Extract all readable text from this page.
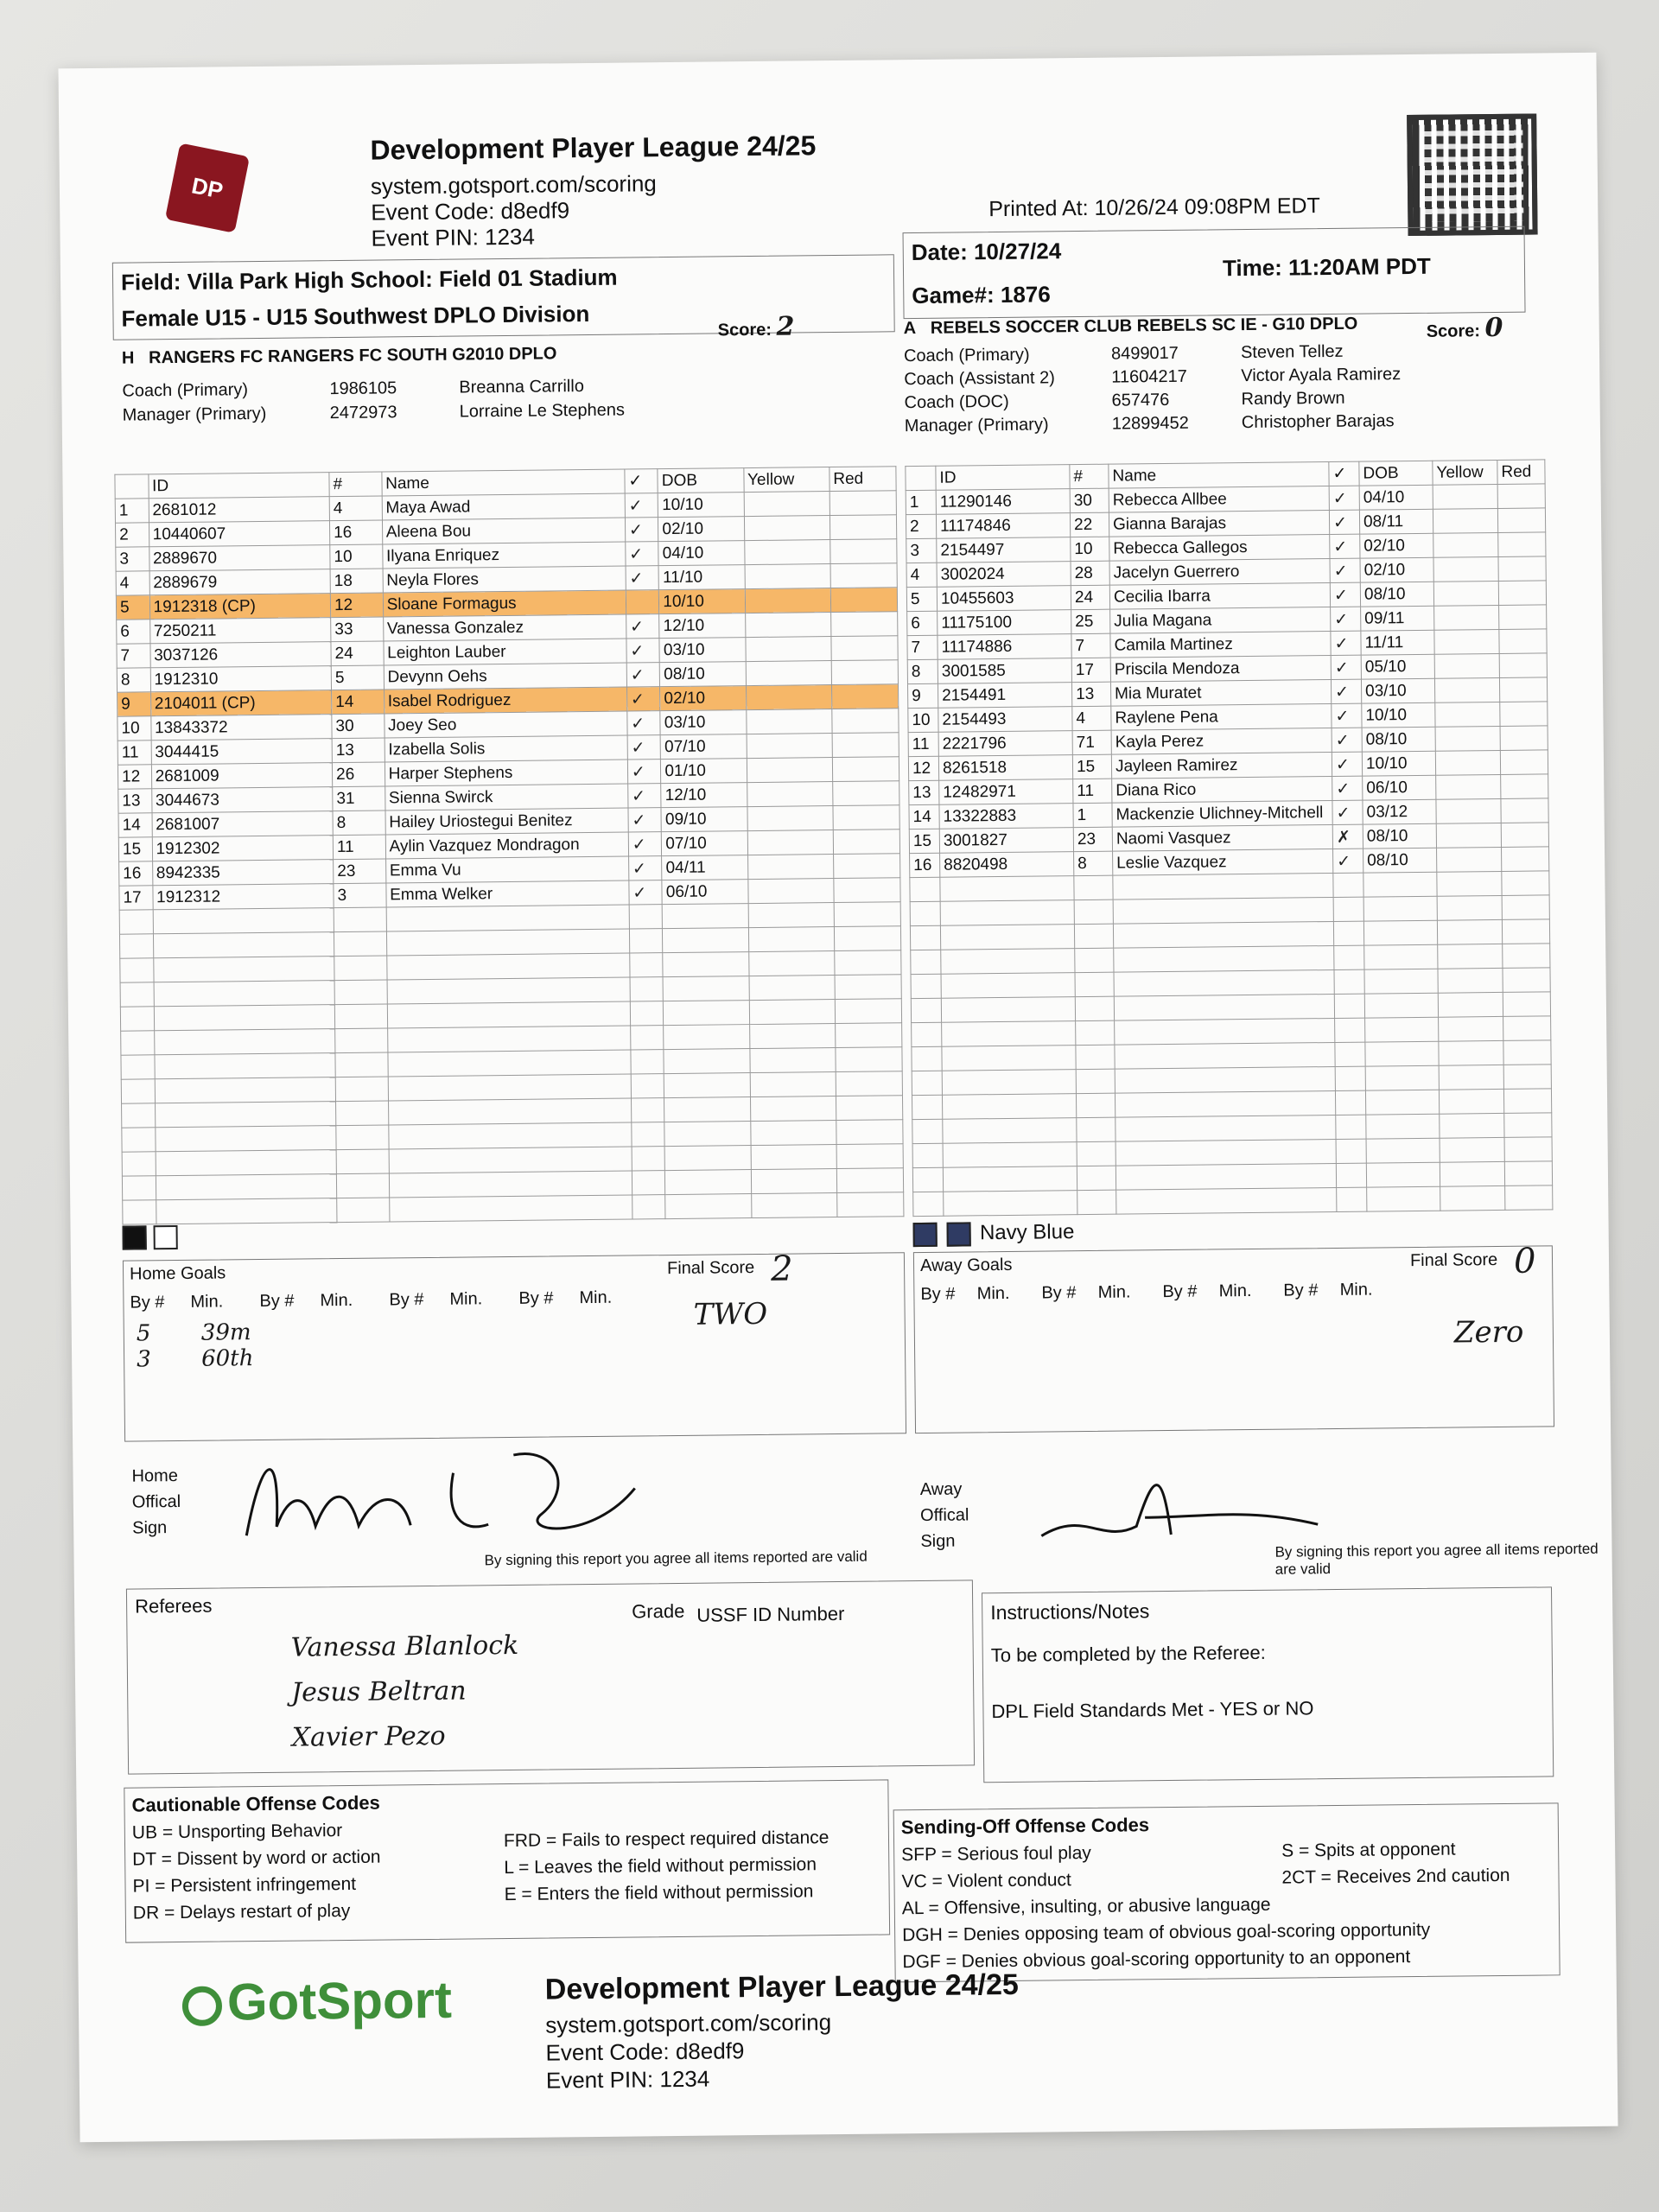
DP
Development Player League 24/25
system.gotsport.com/scoring
Event Code: d8edf9
Event PIN: 1234
Printed At: 10/26/24 09:08PM EDT
Date: 10/27/24
Game#: 1876
Time: 11:20AM PDT
Field: Villa Park High School: Field 01 Stadium
Female U15 - U15 Southwest DPLO Division
H RANGERS FC RANGERS FC SOUTH G2010 DPLO
Score: 2
Coach (Primary)	1986105	Breanna Carrillo
Manager (Primary)	2472973	Lorraine Le Stephens
	ID	#	Name	✓	DOB	Yellow	Red
1	2681012	4	Maya Awad	✓	10/10		
2	10440607	16	Aleena Bou	✓	02/10		
3	2889670	10	Ilyana Enriquez	✓	04/10		
4	2889679	18	Neyla Flores	✓	11/10		
5	1912318 (CP)	12	Sloane Formagus		10/10		
6	7250211	33	Vanessa Gonzalez	✓	12/10		
7	3037126	24	Leighton Lauber	✓	03/10		
8	1912310	5	Devynn Oehs	✓	08/10		
9	2104011 (CP)	14	Isabel Rodriguez	✓	02/10		
10	13843372	30	Joey Seo	✓	03/10		
11	3044415	13	Izabella Solis	✓	07/10		
12	2681009	26	Harper Stephens	✓	01/10		
13	3044673	31	Sienna Swirck	✓	12/10		
14	2681007	8	Hailey Uriostegui Benitez	✓	09/10		
15	1912302	11	Aylin Vazquez Mondragon	✓	07/10		
16	8942335	23	Emma Vu	✓	04/11		
17	1912312	3	Emma Welker	✓	06/10		

A REBELS SOCCER CLUB REBELS SC IE - G10 DPLO	Score: 0
Coach (Primary)	8499017	Steven Tellez
Coach (Assistant 2)	11604217	Victor Ayala Ramirez
Coach (DOC)	657476	Randy Brown
Manager (Primary)	12899452	Christopher Barajas
	ID	#	Name	✓	DOB	Yellow	Red
1	11290146	30	Rebecca Allbee	✓	04/10		
2	11174846	22	Gianna Barajas	✓	08/11		
3	2154497	10	Rebecca Gallegos	✓	02/10		
4	3002024	28	Jacelyn Guerrero	✓	02/10		
5	10455603	24	Cecilia Ibarra	✓	08/10		
6	11175100	25	Julia Magana	✓	09/11		
7	11174886	7	Camila Martinez	✓	11/11		
8	3001585	17	Priscila Mendoza	✓	05/10		
9	2154491	13	Mia Muratet	✓	03/10		
10	2154493	4	Raylene Pena	✓	10/10		
11	2221796	71	Kayla Perez	✓	08/10		
12	8261518	15	Jayleen Ramirez	✓	10/10		
13	12482971	11	Diana Rico	✓	06/10		
14	13322883	1	Mackenzie Ulichney-Mitchell	✓	03/12		
15	3001827	23	Naomi Vasquez	✗	08/10		
16	8820498	8	Leslie Vazquez	✓	08/10		

Navy Blue
Home Goals	Final Score 2
TWO
By #	Min.	By #	Min.	By #	Min.	By #	Min.
5 39m
3 60th
Away Goals	Final Score 0
Zero
By #	Min.	By #	Min.	By #	Min.	By #	Min.
Home
Offical
Sign
By signing this report you agree all items reported are valid
Away
Offical
Sign	By signing this report you agree all items reported are valid
Referees	Grade USSF ID Number
Vanessa Blanlock
Jesus Beltran
Xavier Pezo
Instructions/Notes
To be completed by the Referee:
DPL Field Standards Met - YES or NO
Cautionable Offense Codes
UB = Unsporting Behavior
DT = Dissent by word or action
PI = Persistent infringement
DR = Delays restart of play
FRD = Fails to respect required distance
L = Leaves the field without permission
E = Enters the field without permission
Sending-Off Offense Codes
SFP = Serious foul play
VC = Violent conduct
S = Spits at opponent
2CT = Receives 2nd caution
AL = Offensive, insulting, or abusive language
DGH = Denies opposing team of obvious goal-scoring opportunity
DGF = Denies obvious goal-scoring opportunity to an opponent
GotSport	Development Player League 24/25
system.gotsport.com/scoring
Event Code: d8edf9
Event PIN: 1234
